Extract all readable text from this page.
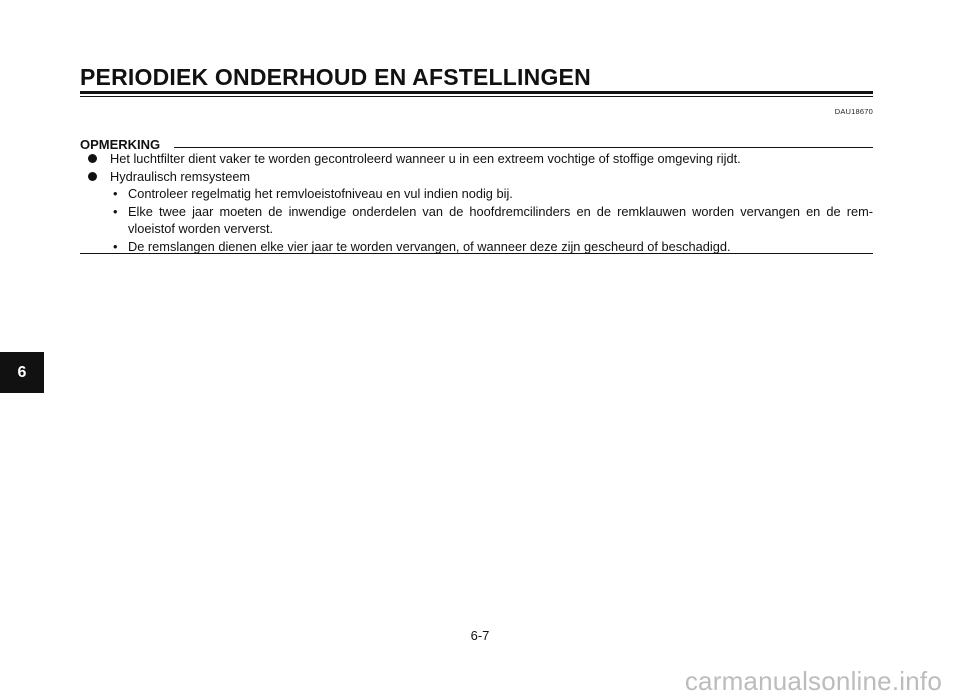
PERIODIEK ONDERHOUD EN AFSTELLINGEN
DAU18670
OPMERKING
Het luchtfilter dient vaker te worden gecontroleerd wanneer u in een extreem vochtige of stoffige omgeving rijdt.
Hydraulisch remsysteem
• Controleer regelmatig het remvloeistofniveau en vul indien nodig bij.
• Elke twee jaar moeten de inwendige onderdelen van de hoofdremcilinders en de remklauwen worden vervangen en de rem-vloeistof worden ververst.
• De remslangen dienen elke vier jaar te worden vervangen, of wanneer deze zijn gescheurd of beschadigd.
6
6-7
carmanualsonline.info
